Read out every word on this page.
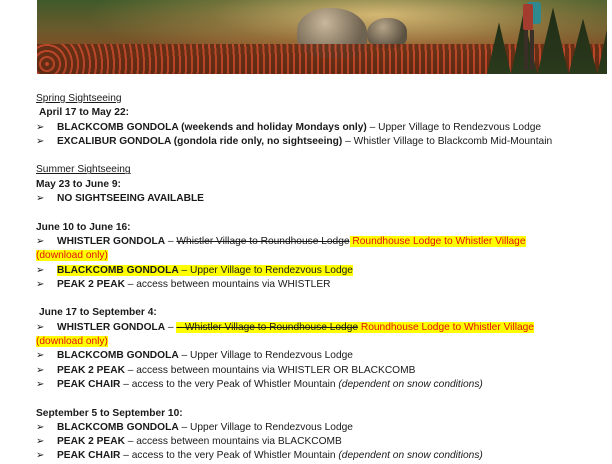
Spring Sightseeing
April 17 to May 22:
➢ BLACKCOMB GONDOLA (weekends and holiday Mondays only) – Upper Village to Rendezvous Lodge
➢ EXCALIBUR GONDOLA (gondola ride only, no sightseeing) – Whistler Village to Blackcomb Mid-Mountain
Summer Sightseeing
May 23 to June 9:
➢ NO SIGHTSEEING AVAILABLE
June 10 to June 16:
➢ WHISTLER GONDOLA – Whistler Village to Roundhouse Lodge Roundhouse Lodge to Whistler Village
(download only)
➢ BLACKCOMB GONDOLA – Upper Village to Rendezvous Lodge
➢ PEAK 2 PEAK – access between mountains via WHISTLER
June 17 to September 4:
➢ WHISTLER GONDOLA – – Whistler Village to Roundhouse Lodge Roundhouse Lodge to Whistler Village
(download only)
➢ BLACKCOMB GONDOLA – Upper Village to Rendezvous Lodge
➢ PEAK 2 PEAK – access between mountains via WHISTLER OR BLACKCOMB
➢ PEAK CHAIR – access to the very Peak of Whistler Mountain (dependent on snow conditions)
September 5 to September 10:
➢ BLACKCOMB GONDOLA – Upper Village to Rendezvous Lodge
➢ PEAK 2 PEAK – access between mountains via BLACKCOMB
➢ PEAK CHAIR – access to the very Peak of Whistler Mountain (dependent on snow conditions)
